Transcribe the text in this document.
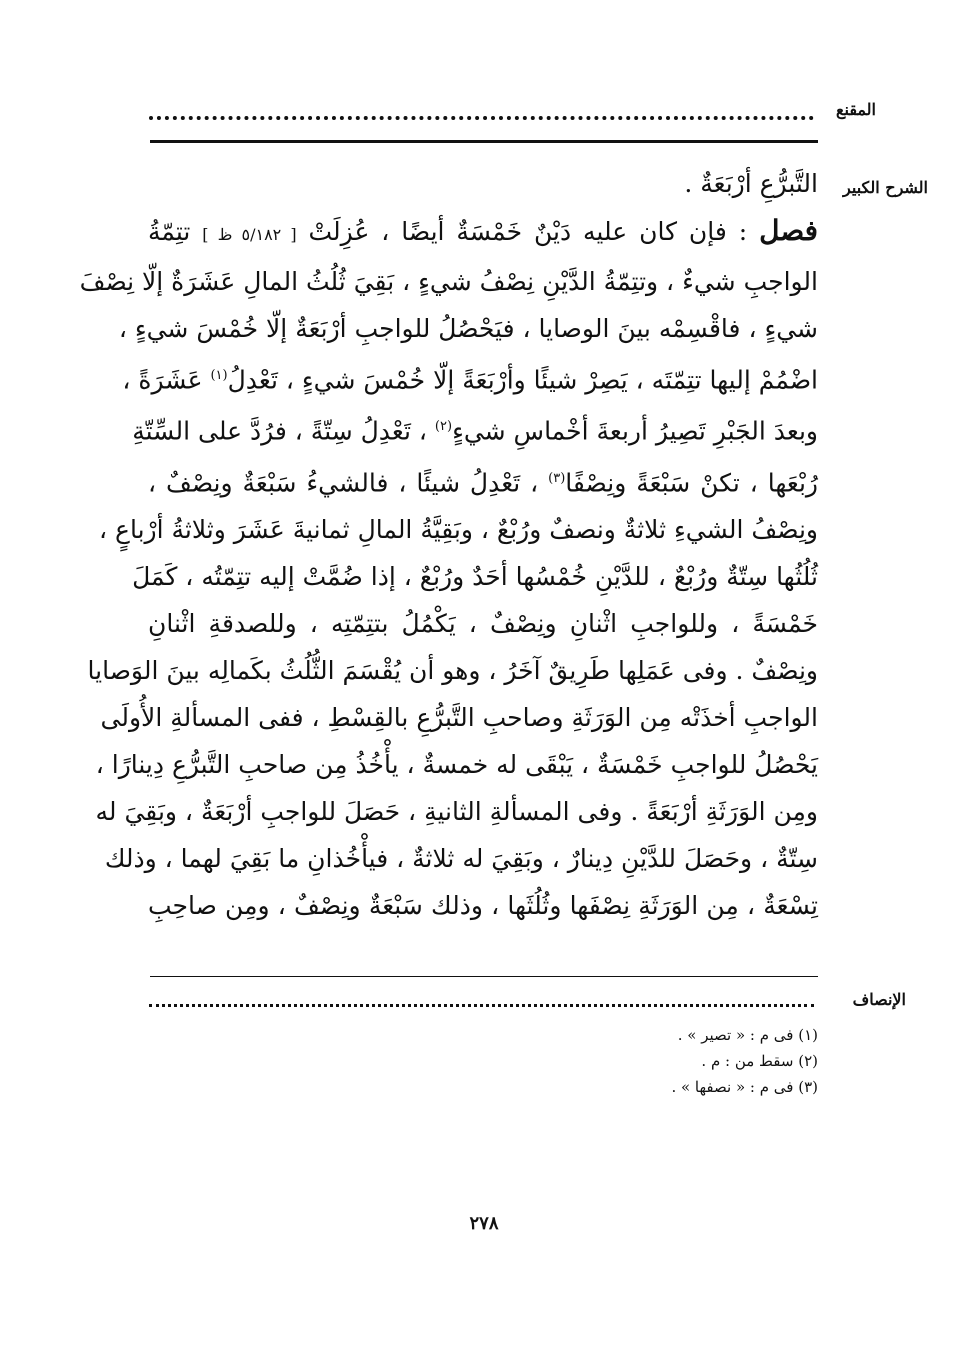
المقنع
الشرح الكبير
التَّبرُّعِ أرْبَعَةٌ .
فصل : فإن كان عليه دَيْنٌ خَمْسَةٌ أيضًا ، عُزِلَتْ [ ٥/١٨٢ ظ ] تتِمّةُ
الواجبِ شيءٌ ، وتتِمّةُ الدَّيْنِ نِصْفُ شيءٍ ، بَقِيَ ثُلُثُ المالِ عَشَرَةٌ إلّا نِصْفَ
شيءٍ ، فاقْسِمْه بينَ الوصايا ، فيَحْصُلُ للواجبِ أرْبَعَةٌ إلّا خُمْسَ شيءٍ ،
اضْمُمْ إليها تتِمّتَه ، يَصِرْ شيئًا وأرْبَعَةً إلّا خُمْسَ شيءٍ ، تَعْدِلُ$^{(١)}$ عَشَرَةً ،
وبعدَ الجَبْرِ تَصِيرُ أربعةَ أخْماسِ شيءٍ$^{(٢)}$ ، تَعْدِلُ سِتّةً ، فرُدَّ على السِّتّةِ
رُبْعَها ، تكنْ سَبْعَةً ونِصْفًا$^{(٣)}$ ، تَعْدِلُ شيئًا ، فالشيءُ سَبْعَةٌ ونِصْفٌ ،
ونِصْفُ الشيءِ ثلاثةٌ ونصفٌ ورُبْعٌ ، وبَقِيَّةُ المالِ ثمانيةَ عَشَرَ وثلاثةُ أرْباعٍ ،
ثُلُثُها سِتّةٌ ورُبْعٌ ، للدَّيْنِ خُمْسُها أحَدٌ ورُبْعٌ ، إذا ضُمَّتْ إليه تتِمّتُه ، كَمَلَ
خَمْسَةً ، وللواجبِ اثْنانِ ونِصْفٌ ، يَكْمُلُ بتتِمّتِه ، وللصدقةِ اثْنانِ
ونِصْفٌ . وفى عَمَلِها طَرِيقٌ آخَرُ ، وهو أن يُقْسَمَ الثُّلُثُ بكَمالِه بينَ الوَصايا
الواجبِ أخذَتْه مِن الوَرَثَةِ وصاحبِ التَّبرُّعِ بالقِسْطِ ، ففى المسألةِ الأُولَى
يَحْصُلُ للواجبِ خَمْسَةٌ ، يَبْقَى له خمسةٌ ، يأْخُذُ مِن صاحبِ التَّبرُّعِ دِينارًا ،
ومِن الوَرَثَةِ أرْبَعَةً . وفى المسألةِ الثانيةِ ، حَصَلَ للواجبِ أرْبَعَةٌ ، وبَقِيَ له
سِتّةٌ ، وحَصَلَ للدَّيْنِ دِينارٌ ، وبَقِيَ له ثلاثةٌ ، فيأْخُذانِ ما بَقِيَ لهما ، وذلك
تِسْعَةٌ ، مِن الوَرَثَةِ نِصْفَها وثُلُثَها ، وذلك سَبْعَةٌ ونِصْفٌ ، ومِن صاحِبِ
الإنصاف
(١) فى م : « تصير » .
(٢) سقط من : م .
(٣) فى م : « نصفها » .
٢٧٨
